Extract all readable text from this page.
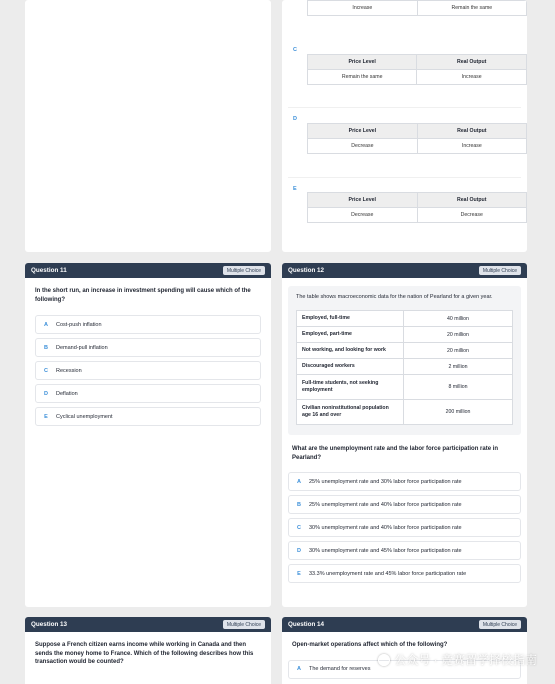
Increase	Remain the same
C
Price Level	Real Output
Remain the same	Increase
D
Price Level	Real Output
Decrease	Increase
E
Price Level	Real Output
Decrease	Decrease
Question 11	Multiple Choice
In the short run, an increase in investment spending will cause which of the following?
A	Cost-push inflation
B	Demand-pull inflation
C	Recession
D	Deflation
E	Cyclical unemployment
Question 12	Multiple Choice
The table shows macroeconomic data for the nation of Pearland for a given year.
Employed, full-time	40 million
Employed, part-time	20 million
Not working, and looking for work	20 million
Discouraged workers	2 million
Full-time students, not seeking employment	8 million
Civilian noninstitutional population age 16 and over	200 million
What are the unemployment rate and the labor force participation rate in Pearland?
A	25% unemployment rate and 30% labor force participation rate
B	25% unemployment rate and 40% labor force participation rate
C	30% unemployment rate and 40% labor force participation rate
D	30% unemployment rate and 45% labor force participation rate
E	33.3% unemployment rate and 45% labor force participation rate
Question 13	Multiple Choice
Suppose a French citizen earns income while working in Canada and then sends the money home to France. Which of the following describes how this transaction would be counted?
Question 14	Multiple Choice
Open-market operations affect which of the following?
A	The demand for reserves
公众号 · 竞赛留学择校指南
